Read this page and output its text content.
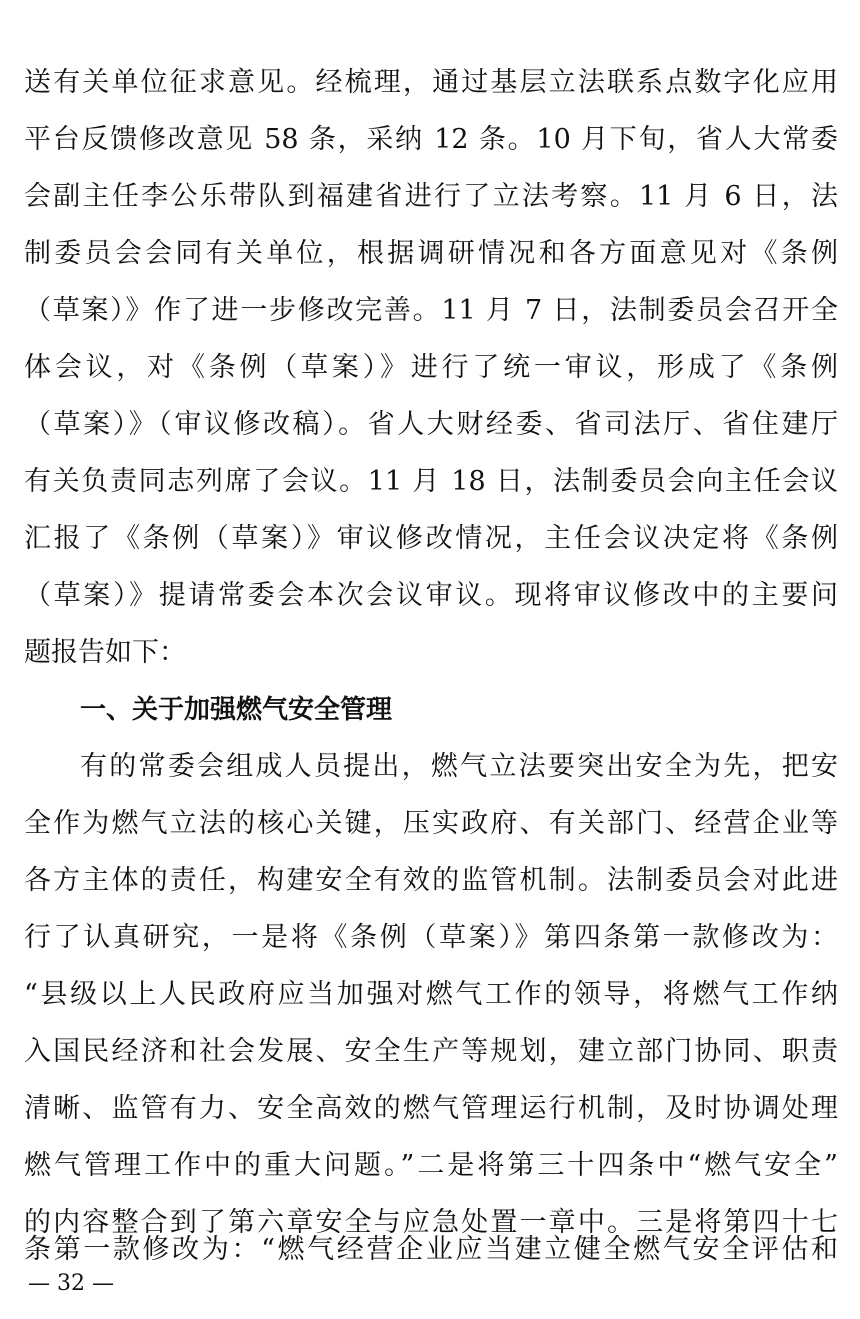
送有关单位征求意见。经梳理，通过基层立法联系点数字化应用
平台反馈修改意见 58 条，采纳 12 条。10 月下旬，省人大常委
会副主任李公乐带队到福建省进行了立法考察。11 月 6 日，法
制委员会会同有关单位，根据调研情况和各方面意见对《条例
（草案）》作了进一步修改完善。11 月 7 日，法制委员会召开全
体会议，对《条例（草案）》进行了统一审议，形成了《条例
（草案）》（审议修改稿）。省人大财经委、省司法厅、省住建厅
有关负责同志列席了会议。11 月 18 日，法制委员会向主任会议
汇报了《条例（草案）》审议修改情况，主任会议决定将《条例
（草案）》提请常委会本次会议审议。现将审议修改中的主要问
题报告如下：
一、关于加强燃气安全管理
有的常委会组成人员提出，燃气立法要突出安全为先，把安
全作为燃气立法的核心关键，压实政府、有关部门、经营企业等
各方主体的责任，构建安全有效的监管机制。法制委员会对此进
行了认真研究，一是将《条例（草案）》第四条第一款修改为：
“县级以上人民政府应当加强对燃气工作的领导，将燃气工作纳
入国民经济和社会发展、安全生产等规划，建立部门协同、职责
清晰、监管有力、安全高效的燃气管理运行机制，及时协调处理
燃气管理工作中的重大问题。”二是将第三十四条中“燃气安全”
的内容整合到了第六章安全与应急处置一章中。三是将第四十七
条第一款修改为：“燃气经营企业应当建立健全燃气安全评估和
— 32 —
